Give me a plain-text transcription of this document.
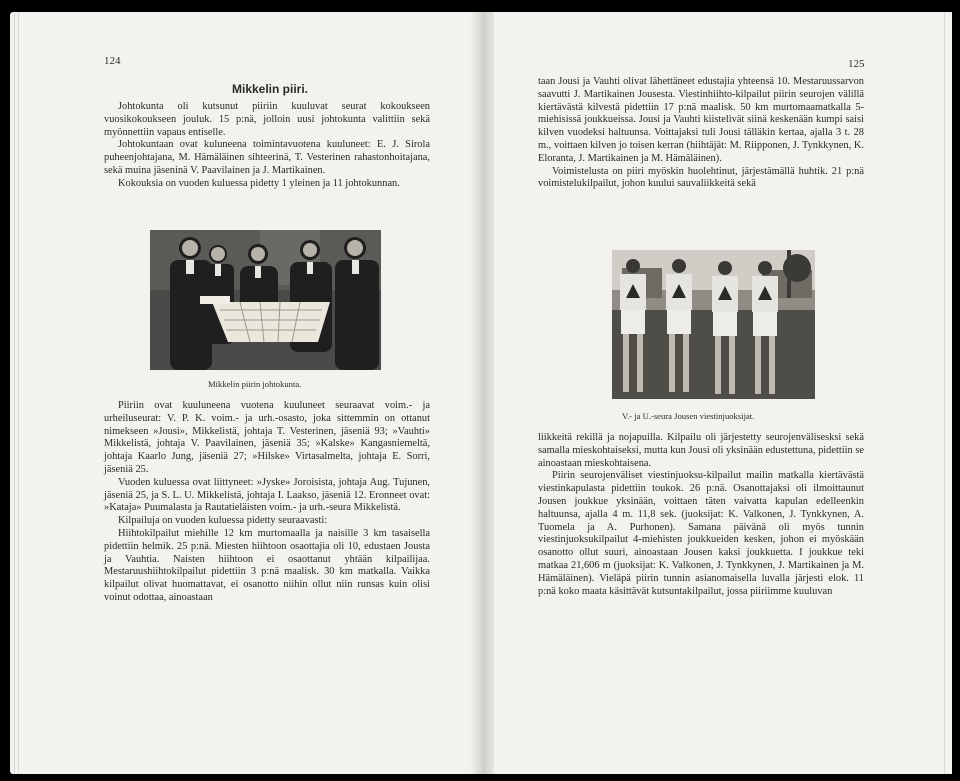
124
Mikkelin piiri.

Johtokunta oli kutsunut piiriin kuuluvat seurat kokoukseen vuosikokoukseen jouluk. 15 p:nä, jolloin uusi johtokunta valittiin sekä myönnettiin vapaus entiselle.

Johtokuntaan ovat kuluneena toimintavuotena kuuluneet: E. J. Sirola puheenjohtajana, M. Hämäläinen sihteerinä, T. Vesterinen rahastonhoitajana, sekä muina jäseninä V. Paavilainen ja J. Martikainen.

Kokouksia on vuoden kuluessa pidetty 1 yleinen ja 11 johtokunnan.

Mikkelin piirin johtokunta.

Piiriin ovat kuuluneena vuotena kuuluneet seuraavat voim.- ja urheiluseurat: V. P. K. voim.- ja urh.-osasto, joka sittemmin on ottanut nimekseen »Jousi», Mikkelistä, johtaja T. Vesterinen, jäseniä 93; »Vauhti» Mikkelistä, johtaja V. Paavilainen, jäseniä 35; »Kalske» Kangasniemeltä, johtaja Kaarlo Jung, jäseniä 27; »Hilske» Virtasalmelta, johtaja E. Sorri, jäseniä 25.

Vuoden kuluessa ovat liittyneet: »Jyske» Joroisista, johtaja Aug. Tujunen, jäseniä 25, ja S. L. U. Mikkelistä, johtaja I. Laakso, jäseniä 12. Eronneet ovat: »Kataja» Puumalasta ja Rautatieläisten voim.- ja urh.-seura Mikkelistä.

Kilpailuja on vuoden kuluessa pidetty seuraavasti:

Hiihtokilpailut miehille 12 km murtomaalla ja naisille 3 km tasaisella pidettiin helmik. 25 p:nä. Miesten hiihtoon osaottajia oli 10, edustaen Jousta ja Vauhtia. Naisten hiihtoon ei osaottanut yhtään kilpailijaa. Mestaruushiihtokilpailut pidettiin 3 p:nä maalisk. 30 km matkalla. Vaikka kilpailut olivat huomattavat, ei osanotto niihin ollut niin runsas kuin olisi voinut odottaa, ainoastaan

125

taan Jousi ja Vauhti olivat lähettäneet edustajia yhteensä 10. Mestaruussarvon saavutti J. Martikainen Jousesta. Viestinhiihto-kilpailut piirin seurojen välillä kiertävästä kilvestä pidettiin 17 p:nä maalisk. 50 km murtomaamatkalla 5-miehisissä joukkueissa. Jousi ja Vauhti kiistelivät siinä keskenään kumpi saisi kilven vuodeksi haltuunsa. Voittajaksi tuli Jousi tälläkin kertaa, ajalla 3 t. 28 m., voittaen kilven jo toisen kerran (hiihtäjät: M. Riipponen, J. Tynkkynen, K. Eloranta, J. Martikainen ja M. Hämäläinen).

Voimistelusta on piiri myöskin huolehtinut, järjestämällä huhtik. 21 p:nä voimistelukilpailut, johon kuului sauvaliikkeitä sekä

V.- ja U.-seura Jousen viestinjuoksijat.

liikkeitä rekillä ja nojapuilla. Kilpailu oli järjestetty seurojenvälisesksi sekä samalla mieskohtaiseksi, mutta kun Jousi oli yksinään edustettuna, pidettiin se ainoastaan mieskohtaisena.

Piirin seurojenväliset viestinjuoksu-kilpailut mailin matkalla kiertävästä viestinkapulasta pidettiin toukok. 26 p:nä. Osanottajaksi oli ilmoittaunut Jousen joukkue yksinään, voittaen täten vaivatta kapulan edelleenkin haltuunsa, ajalla 4 m. 11,8 sek. (juoksijat: K. Valkonen, J. Tynkkynen, A. Tuomela ja A. Purhonen). Samana päivänä oli myös tunnin viestinjuoksukilpailut 4-miehisten joukkueiden kesken, johon ei myöskään osanotto ollut suuri, ainoastaan Jousen kaksi joukkuetta. I joukkue teki matkaa 21,606 m (juoksijat: K. Valkonen, J. Tynkkynen, J. Martikainen ja M. Hämäläinen). Vieläpä piirin tunnin asianomaisella luvalla järjesti elok. 11 p:nä koko maata käsittävät kutsuntakilpailut, jossa piiriimme kuuluvan
